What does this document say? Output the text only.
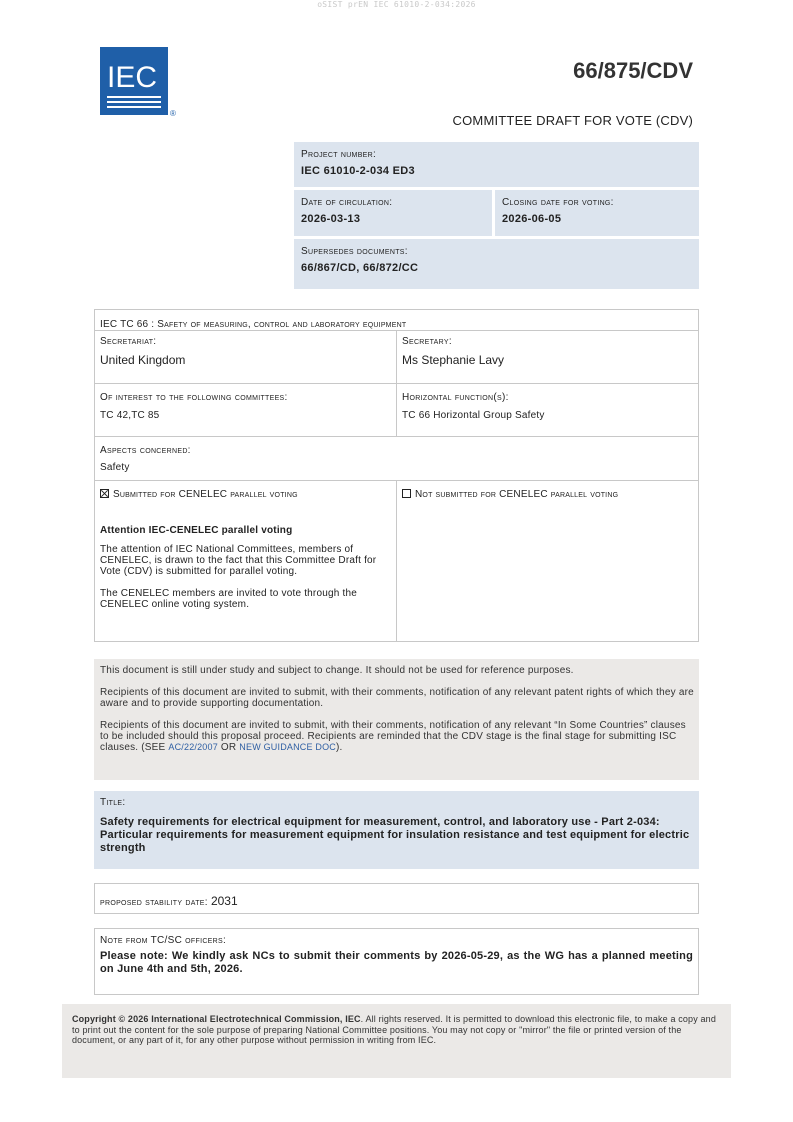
oSIST prEN IEC 61010-2-034:2026
IEC
®
66/875/CDV
COMMITTEE DRAFT FOR VOTE (CDV)
Project number:
IEC 61010-2-034 ED3
Date of circulation:
2026-03-13
Closing date for voting:
2026-06-05
Supersedes documents:
66/867/CD, 66/872/CC
IEC TC 66 : Safety of measuring, control and laboratory equipment
Secretariat:
United Kingdom
Secretary:
Ms Stephanie Lavy
Of interest to the following committees:
TC 42,TC 85
Horizontal function(s):
TC 66 Horizontal Group Safety
Aspects concerned:
Safety
Submitted for CENELEC parallel voting
Attention IEC-CENELEC parallel voting
The attention of IEC National Committees, members of CENELEC, is drawn to the fact that this Committee Draft for Vote (CDV) is submitted for parallel voting.
The CENELEC members are invited to vote through the CENELEC online voting system.
Not submitted for CENELEC parallel voting

This document is still under study and subject to change. It should not be used for reference purposes.

Recipients of this document are invited to submit, with their comments, notification of any relevant patent rights of which they are aware and to provide supporting documentation.

Recipients of this document are invited to submit, with their comments, notification of any relevant “In Some Countries” clauses to be included should this proposal proceed. Recipients are reminded that the CDV stage is the final stage for submitting ISC clauses. (SEE AC/22/2007 OR NEW GUIDANCE DOC).

Title:
Safety requirements for electrical equipment for measurement, control, and laboratory use - Part 2-034: Particular requirements for measurement equipment for insulation resistance and test equipment for electric strength
proposed stability date: 2031
Note from TC/SC officers:
Please note: We kindly ask NCs to submit their comments by 2026-05-29, as the WG has a planned meeting on June 4th and 5th, 2026.
Copyright © 2026 International Electrotechnical Commission, IEC. All rights reserved. It is permitted to download this electronic file, to make a copy and to print out the content for the sole purpose of preparing National Committee positions. You may not copy or "mirror" the file or printed version of the document, or any part of it, for any other purpose without permission in writing from IEC.
